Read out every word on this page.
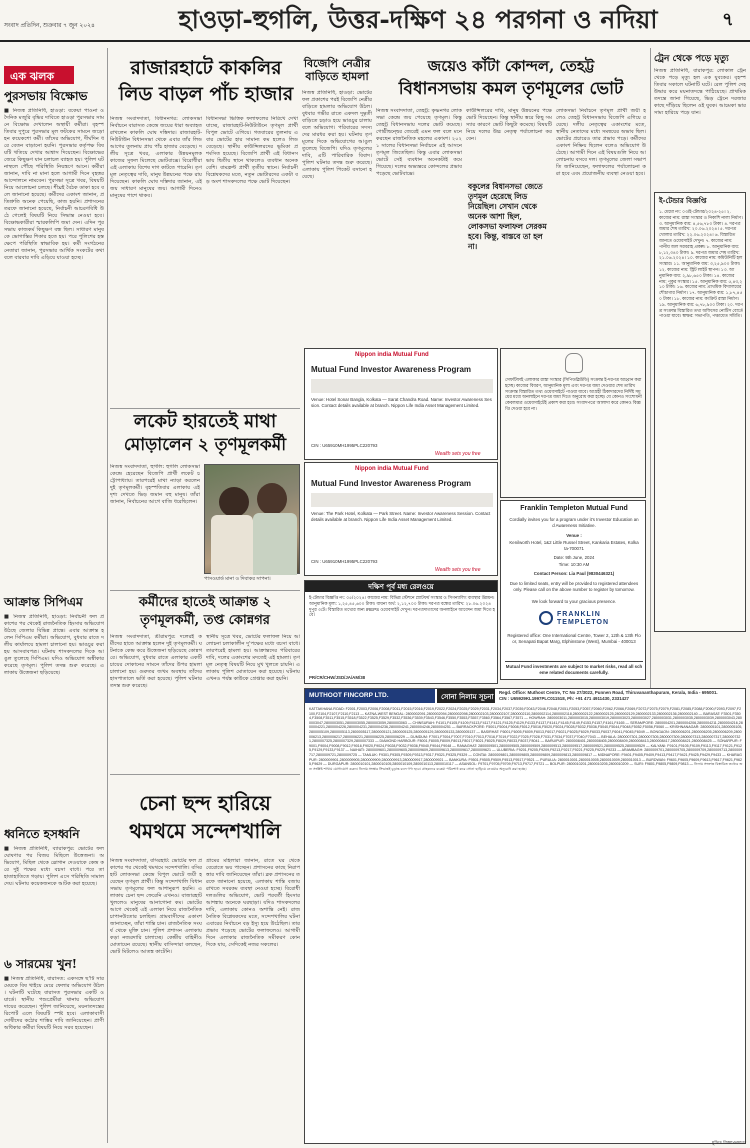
সংবাদ প্রতিদিন, শুক্রবার ৭ জুন ২০২৪	হাওড়া-হুগলি, উত্তর-দক্ষিণ ২৪ পরগনা ও নদিয়া	৭
এক ঝলক
পুরসভায় বিক্ষোভ
■ নিজস্ব প্রতিনিধি, হাওড়া: বকেয়া পাওনা ও দৈনিক মজুরি বৃদ্ধির দাবিতে হাওড়া পুরসভার সামনে বিক্ষোভ দেখালেন অস্থায়ী কর্মীরা। বৃহস্পতিবার দুপুরে পুরসভার মূল ফটকের সামনে জড়ো হন কয়েকশো কর্মী। তাঁদের অভিযোগ, দীর্ঘদিন ধরে বেতন বাড়ানো হয়নি। পুরসভার কর্তৃপক্ষ বিষয়টি খতিয়ে দেখার আশ্বাস দিয়েছেন। বিক্ষোভের জেরে কিছুক্ষণ যান চলাচল ব্যাহত হয়। পুলিশ ঘটনাস্থলে পৌঁছে পরিস্থিতি নিয়ন্ত্রণে আনে। কর্মীরা জানান, দাবি না মানা হলে আগামী দিনে বৃহত্তর আন্দোলনে নামবেন। পুরসভা সূত্রে খবর, বিষয়টি নিয়ে আলোচনা চলছে। শীঘ্রই বৈঠক ডাকা হবে বলে জানানো হয়েছে। কর্মীদের একাংশ জানান, প্রতিশ্রুতি অনেক পেয়েছি, কাজ হয়নি। প্রশাসনের তরফে জানানো হয়েছে, নির্বাচনী আচরণবিধি উঠে গেলেই বিষয়টি নিয়ে সিদ্ধান্ত নেওয়া হবে। বিক্ষোভকারীরা স্মারকলিপি জমা দেন। এদিন পুরসভায় কাজকর্ম কিছুক্ষণ বন্ধ ছিল। সাধারণ মানুষকে ভোগান্তির শিকার হতে হয়। পরে পুলিশের হস্তক্ষেপে পরিস্থিতি স্বাভাবিক হয়। কর্মী সংগঠনের নেতারা জানান, পুরসভার আর্থিক সংকটের কথা বলে বারবার দাবি এড়িয়ে যাওয়া হচ্ছে।
আক্রান্ত সিপিএম
■ নিজস্ব প্রতিনিধি, হাওড়া: নির্বাচনী ফল প্রকাশের পর থেকেই রাজনৈতিক হিংসার অভিযোগ উঠছে জেলার বিভিন্ন প্রান্তে। এবার আক্রান্ত হলেন সিপিএম কর্মীরা। অভিযোগ, বুধবার রাতে দলীয় কার্যালয়ে হামলা চালানো হয়। ভাঙচুর করা হয় আসবাবপত্র। ঘটনায় শাসকদলের দিকে আঙুল তুলেছে সিপিএম। যদিও অভিযোগ অস্বীকার করেছে তৃণমূল। পুলিশ তদন্ত শুরু করেছে। এলাকায় উত্তেজনা ছড়িয়েছে।
ধ্বনিতে হসধ্বনি
■ নিজস্ব প্রতিনিধি, ব্যারাকপুর: ভোটের ফল ঘোষণার পর বিজয় মিছিলে উত্তেজনা। অভিযোগ, মিছিল থেকে স্লোগান দেওয়াকে কেন্দ্র করে দুই পক্ষের মধ্যে বচসা বাধে। পরে তা হাতাহাতিতে গড়ায়। পুলিশ এসে পরিস্থিতি সামাল দেয়। ঘটনায় কয়েকজনকে আটক করা হয়েছে।
৬ সারমেয় খুন!
■ নিজস্ব প্রতিনিধি, বারাসত: একসঙ্গে ছ'টি সারমেয়কে বিষ খাইয়ে মেরে ফেলার অভিযোগ উঠল। ঘটনাটি ঘটেছে বারাসত পুরসভার একটি ওয়ার্ডে। স্থানীয় পশুপ্রেমীরা থানায় অভিযোগ দায়ের করেছেন। পুলিশ জানিয়েছে, ময়নাতদন্তের রিপোর্ট এলে বিষয়টি স্পষ্ট হবে। এলাকাবাসী দোষীদের কঠোর শাস্তির দাবি জানিয়েছেন। প্রাণী অধিকার কর্মীরা বিষয়টি নিয়ে সরব হয়েছেন।
রাজারহাটে কাকলির
লিড বাড়ল পাঁচ হাজার
নিজস্ব সংবাদদাতা, বিধাননগর: লোকসভা নির্বাচনে বারাসত কেন্দ্রে জয়ের ধারা অব্যাহত রাখলেন কাকলি ঘোষ দস্তিদার। রাজারহাট-নিউটাউন বিধানসভা থেকে এবার তাঁর লিড আগের তুলনায় প্রায় পাঁচ হাজার বেড়েছে। দলীয় সূত্রে খবর, এলাকার উন্নয়নমূলক কাজের সুফল মিলেছে ভোটবাক্সে। বিরোধীরা এই এলাকায় বিশেষ দাগ কাটতে পারেনি। তৃণমূল নেতৃত্বের দাবি, মানুষ উন্নয়নের পক্ষে রায় দিয়েছেন। কাকলি ঘোষ দস্তিদার জানান, এই জয় সাধারণ মানুষের জয়। আগামী দিনেও মানুষের পাশে থাকব।
বিধানসভা ভিত্তিক ফলাফলের নিরিখে দেখা যাচ্ছে, রাজারহাট-নিউটাউনে তৃণমূল প্রার্থী বিপুল ভোটে এগিয়ে। গতবারের তুলনায় এবার ভোটের হার সামান্য কম হলেও লিড বেড়েছে। স্থানীয় কাউন্সিলরদের ভূমিকা প্রশংসিত হয়েছে। বিজেপি প্রার্থী এই বিধানসভায় দ্বিতীয় স্থানে থাকলেও ব্যবধান অনেক বেশি। বামফ্রন্ট প্রার্থী তৃতীয় স্থানে। নির্বাচনী বিশ্লেষকদের মতে, নতুন ভোটারদের একটা বড় অংশ শাসকদলের পক্ষে ভোট দিয়েছেন।
বিজেপি নেত্রীর বাড়িতে হামলা
নিজস্ব প্রতিনিধি, হাওড়া: ভোটের ফল প্রকাশের পরই বিজেপি নেত্রীর বাড়িতে হামলার অভিযোগ উঠল। বুধবার গভীর রাতে একদল দুষ্কৃতী বাড়িতে চড়াও হয়ে ভাঙচুর চালায় বলে অভিযোগ। পরিবারের সদস্যদের মারধর করা হয়। ঘটনায় তৃণমূলের দিকে অভিযোগের আঙুল তুলেছে বিজেপি। যদিও তৃণমূলের দাবি, এটি পারিবারিক বিবাদ। পুলিশ ঘটনার তদন্ত শুরু করেছে। এলাকায় পুলিশ পিকেট বসানো হয়েছে।
জয়েও কাঁটা কোন্দল, তেহট্ট
বিধানসভায় কমল তৃণমূলের ভোট
নিজস্ব সংবাদদাতা, তেহট্ট: কৃষ্ণনগর লোকসভা কেন্দ্রে জয় পেয়েছে তৃণমূল। কিন্তু তেহট্ট বিধানসভায় দলের ভোট কমেছে। গোষ্ঠীদ্বন্দ্বের জেরেই এমন ফল বলে মনে করছেন রাজনৈতিক মহলের একাংশ। ২০২১ সালের বিধানসভা নির্বাচনে এই আসনে তৃণমূল জিতেছিল। কিন্তু এবার লোকসভা ভোটে সেই ব্যবধান অনেকটাই কমে গিয়েছে। দলের অভ্যন্তরে কোন্দলের প্রভাব পড়েছে ভোটবাক্সে।
কাউন্সিলরের দাবি, মানুষ উন্নয়নের পক্ষে ভোট দিয়েছেন। কিন্তু স্থানীয় স্তরে কিছু সমস্যার কারণে ভোট কিছুটা কমেছে। বিষয়টি নিয়ে দলের উচ্চ নেতৃত্ব পর্যালোচনা করবেন।
বকুলের বিধানসভা জেতে তৃণমূল হেরেছে লিড নিয়েছিল। সেখান থেকে অনেক আশা ছিল, লোকসভা ফলাফল সেরকম হবে। কিন্তু, বাস্তবে তা হল না।
লোকসভা নির্বাচনে তৃণমূল প্রার্থী জয়ী হলেও তেহট্ট বিধানসভায় বিজেপি এগিয়ে রয়েছে। দলীয় নেতৃত্বের একাংশের মতে, স্থানীয় নেতাদের মধ্যে সমন্বয়ের অভাব ছিল। ভোটের প্রচারেও তার প্রভাব পড়ে। কর্মীদের একাংশ নিষ্ক্রিয় ছিলেন বলেও অভিযোগ উঠেছে। আগামী দিনে এই বিষয়গুলি নিয়ে আলোচনায় বসবে দল। তৃণমূলের জেলা সভাপতি জানিয়েছেন, ফলাফলের পর্যালোচনা করা হবে এবং প্রয়োজনীয় ব্যবস্থা নেওয়া হবে।
ট্রেন থেকে পড়ে মৃত্যু
নিজস্ব প্রতিনিধি, বারাকপুর: লোকাল ট্রেন থেকে পড়ে মৃত্যু হল এক যুবকের। বৃহস্পতিবার সকালে ঘটনাটি ঘটে। রেল পুলিশ দেহ উদ্ধার করে ময়নাতদন্তে পাঠিয়েছে। প্রাথমিক তদন্তে জানা গিয়েছে, ভিড় ট্রেনে দরজার কাছে দাঁড়িয়ে ছিলেন ওই যুবক। আচমকা ভারসাম্য হারিয়ে পড়ে যান।
ই-টেন্ডার বিজ্ঞপ্তি
১. মেমো নং: ০৩/ই-টেন্ডার/২০২৪-২৫। ২. কাজের নাম: রাস্তা সংস্কার ও নিকাশি নালা নির্মাণ। ৩. আনুমানিক ব্যয়: ৪,৫৬,৭৮০ টাকা। ৪. দরপত্র জমার শেষ তারিখ: ২০.০৬.২০২৪। ৫. দরপত্র খোলার তারিখ: ২২.০৬.২০২৪। ৬. বিস্তারিত জানতে ওয়েবসাইট দেখুন। ৭. কাজের নাম: পানীয় জল সরবরাহ প্রকল্প। ৮. আনুমানিক ব্যয়: ৮,১২,৩৪০ টাকা। ৯. দরপত্র জমার শেষ তারিখ: ২১.০৬.২০২৪। ১০. কাজের নাম: কমিউনিটি হল সংস্কার। ১১. আনুমানিক ব্যয়: ৩,২৫,৯০০ টাকা। ১২. কাজের নাম: স্ট্রিট লাইট স্থাপন। ১৩. আনুমানিক ব্যয়: ২,৯৮,৬৫০ টাকা। ১৪. কাজের নাম: পুকুর সংস্কার। ১৫. আনুমানিক ব্যয়: ৫,৪৩,২১০ টাকা। ১৬. কাজের নাম: প্রাথমিক বিদ্যালয়ের শৌচাগার নির্মাণ। ১৭. আনুমানিক ব্যয়: ১,৮৭,৪৫০ টাকা। ১৮. কাজের নাম: কংক্রিট রাস্তা নির্মাণ। ১৯. আনুমানিক ব্যয়: ৬,৭৮,৯০০ টাকা। ২০. দরপত্র সংক্রান্ত বিস্তারিত তথ্য অফিসের নোটিস বোর্ডে পাওয়া যাবে। স্বাক্ষর: সভাপতি, পঞ্চায়েত সমিতি।
লকেট হারতেই মাথা
মোড়ালেন ২ তৃণমূলকর্মী
নিজস্ব সংবাদদাতা, হুগলি: হুগলি লোকসভা কেন্দ্রে হেরেছেন বিজেপি প্রার্থী লকেট চট্টোপাধ্যায়। তারপরেই মাথা ন্যাড়া করলেন দুই তৃণমূলকর্মী। বৃহস্পতিবার এলাকায় এই দৃশ্য দেখতে ভিড় জমান বহু মানুষ। তাঁরা জানান, নির্বাচনের আগে বাজি ধরেছিলেন।
পাসওয়ার্ড মানা ও দিবাকর সাপনা।
Nippon india Mutual Fund
Mutual Fund Investor Awareness Program
Venue: Hotel Sonar Bangla, Kolkata — Sarat Chandra Road. Name: Investor Awareness Session. Contact details available at branch. Nippon Life India Asset Management Limited.
CIN : U65910MH1995PLC220793
Wealth sets you free
Nippon india Mutual Fund
Mutual Fund Investor Awareness Program
Venue: The Park Hotel, Kolkata — Park Street. Name: Investor Awareness Session. Contact details available at branch. Nippon Life India Asset Management Limited.
CIN : U65910MH1995PLC220793
Wealth sets you free
সেফটিফাই এলাকার রাস্তা সংস্কার (সিপিডব্লিউডি) সংক্রান্ত ই-দরপত্র আহ্বান করা হচ্ছে। কাজের বিবরণ, আনুমানিক মূল্য এবং দরপত্র জমা দেওয়ার শেষ তারিখ সংক্রান্ত বিস্তারিত তথ্য ওয়েবসাইটে পাওয়া যাবে। আগ্রহী ঠিকাদারদের নির্দিষ্ট সময়ের মধ্যে অনলাইনে দরপত্র জমা দিতে অনুরোধ করা হচ্ছে। যে কোনও সংশোধনী কেবলমাত্র ওয়েবসাইটেই প্রকাশ করা হবে। সংবাদপত্রে আলাদা করে কোনও বিজ্ঞপ্তি দেওয়া হবে না।
Franklin Templeton Mutual Fund
Cordially invites you for a program under it's Investor Education and Awareness Initiative.
Venue :
Kenilworth Hotel, 1&2 Little Russel Street, Kankaria Estates, Kolkata-700071
Date: 9th June, 2024
Time: 10:30 AM
Contact Person: Lia Paul (9830446321)
Due to limited seats, entry will be provided to registered attendees only. Please call on the above number to register by tomorrow.
We look forward to your gracious presence.
FRANKLIN
TEMPLETON
Registered office: One International Centre, Tower 2, 12th & 13th Floor, Senapati Bapat Marg, Elphinstone (West), Mumbai - 400013
Mutual Fund investments are subject to market risks, read all scheme related documents carefully.
দক্ষিণ পূর্ব মধ্য রেলওয়ে
ই-টেন্ডার বিজ্ঞপ্তি নং: ০৫/২০২৪। কাজের নাম: বিভিন্ন স্টেশনে প্ল্যাটফর্ম সংস্কার ও সিগন্যালিং ব্যবস্থার উন্নয়ন। আনুমানিক মূল্য: ১,২৫,৪৫,৬০০ টাকা। বায়না অর্থ: ২,১২,৭০০ টাকা। দরপত্র বন্ধের তারিখ: ২৮.০৬.২০২৪ দুপুর ৩টে। বিস্তারিত তথ্যের জন্য IREPS ওয়েবসাইট দেখুন। দরপত্রদাতাদের অনলাইনে আবেদন জমা দিতে হবে।
PR/CR/CHW/JSD/JA/AM/38
কর্মীদের হাতেই আক্রান্ত ২
তৃণমূলকর্মী, তপ্ত কোন্নগর
নিজস্ব সংবাদদাতা, শ্রীরামপুর: দলেরই কর্মীদের হাতে আক্রান্ত হলেন দুই তৃণমূলকর্মী। ঘটনাকে কেন্দ্র করে উত্তেজনা ছড়িয়েছে কোন্নগরে। অভিযোগ, বুধবার রাতে এলাকার একটি চায়ের দোকানের সামনে তাঁদের উপর হামলা চালানো হয়। গুরুতর জখম অবস্থায় তাঁদের হাসপাতালে ভর্তি করা হয়েছে। পুলিশ ঘটনার তদন্ত শুরু করেছে।
স্থানীয় সূত্রে খবর, ভোটের ফলাফল নিয়ে আলোচনা চলাকালীন দু'পক্ষের মধ্যে বচসা বাধে। তারপরেই হামলা হয়। আক্রান্তদের পরিবারের দাবি, দলের একাংশের মদতেই এই হামলা। তৃণমূল নেতৃত্ব বিষয়টি নিয়ে মুখ খুলতে চায়নি। এলাকায় পুলিশ মোতায়েন করা হয়েছে। ঘটনায় এখনও পর্যন্ত কাউকে গ্রেপ্তার করা হয়নি।
চেনা ছন্দ হারিয়ে
থমথমে সন্দেশখালি
নিজস্ব সংবাদদাতা, বসিরহাট: ভোটের ফল প্রকাশের পর থেকেই থমথমে সন্দেশখালি। বসিরহাট লোকসভা কেন্দ্রে বিপুল ভোটে জয়ী হয়েছেন তৃণমূল প্রার্থী। কিন্তু সন্দেশখালি বিধানসভায় তৃণমূলের ফল আশানুরূপ হয়নি। এলাকায় চেনা ছন্দ ফেরেনি এখনও। বাজারহাট খুললেও মানুষের আনাগোনা কম। ভোটের আগে থেকেই এই এলাকা নিয়ে রাজনৈতিক চাপানউতোর চলছিল। গ্রামবাসীদের একাংশ জানাচ্ছেন, তাঁরা শান্তি চান। রাজনৈতিক সংঘর্ষ থেকে মুক্তি চান। পুলিশ প্রশাসন এলাকায় কড়া নজরদারি চালাচ্ছে। কেন্দ্রীয় বাহিনীও মোতায়েন রয়েছে। স্থানীয় বাসিন্দারা বলছেন, ভোট মিটলেও আতঙ্ক কাটেনি।
গ্রামের মহিলারা জানান, রাতে ঘর থেকে বেরোতে ভয় পাচ্ছেন। প্রশাসনের কাছে নিরাপত্তার দাবি জানিয়েছেন তাঁরা। ব্লক প্রশাসনের তরফে জানানো হয়েছে, এলাকায় শান্তি বজায় রাখতে সবরকম ব্যবস্থা নেওয়া হচ্ছে। বিরোধী দলগুলির অভিযোগ, ভোট পরবর্তী হিংসার আশঙ্কায় অনেকে ঘরছাড়া। যদিও শাসকদলের দাবি, এলাকায় কোনও অশান্তি নেই। রাজনৈতিক বিশ্লেষকদের মতে, সন্দেশখালির ঘটনা এবারের নির্বাচনে বড় ইস্যু হয়ে উঠেছিল। তার প্রভাব পড়েছে ভোটের ফলাফলেও। আগামী দিনে এলাকার রাজনৈতিক সমীকরণ কোন দিকে যায়, সেদিকেই নজর সকলের।
MUTHOOT FINCORP LTD.	সোনা নিলাম সূচনা Regd. Office: Muthoot Centre, TC No 27/3022, Punnen Road, Thiruvananthapuram, Kerala, India - 695001.
CIN : U65929KL1997PLC011518, Ph: +91 471 4911430, 2331427
KATTAKHANA ROAD: F2001,F2003,F2006,F2008,F2011,F2015,F2016,F2019,F2022,F2024,F2025,F2029,F2031,F2034,F2037,F2039,F2043,F2046,F2048,F2051,F2053,F2057,F2060,F2062,F2066,F2069,F2072,F2075,F2079,F2081,F2085,F2088,F2090,F2093,F2097,F2100,F2104,F2107,F2110,F2113 — KATNA-WEST BENGAL: 2800002091,2800002094,2800002098,2800002103,2800002107,2800002110,2800002114,2800002118,2800002122,2800002125,2800002129,2800002133,2800002136,2800002140 — BARASAT: F3501,F3504,F3508,F3511,F3515,F3518,F3522,F3525,F3529,F3532,F3536,F3539,F3543,F3546,F3550,F3553,F3557,F3560,F3564,F3567,F3571 — HOWRAH: 2800003011,2800003015,2800003019,2800003023,2800003027,2800003031,2800003035,2800003039,2800003043,2800003047,2800003051,2800003055,2800003059,2800003063 — CHINSURAH: F4101,F4105,F4109,F4113,F4117,F4121,F4125,F4129,F4133,F4137,F4141,F4145,F4149,F4153,F4157,F4161,F4165 — SERAMPORE: 2800004201,2800004206,2800004211,2800004216,2800004221,2800004226,2800004231,2800004236,2800004241,2800004246,2800004251 — BARRACKPORE: F5001,F5004,F5008,F5012,F5016,F5020,F5024,F5028,F5032,F5036,F5040,F5044,F5048,F5052,F5056,F5060 — KRISHNANAGAR: 2800005101,2800005105,2800005109,2800005113,2800005117,2800005121,2800005125,2800005129,2800005133,2800005137 — BASIRHAT: F6001,F6005,F6009,F6013,F6017,F6021,F6025,F6029,F6033,F6037,F6041,F6045,F6049 — BONGAON: 2800006201,2800006205,2800006209,2800006213,2800006217,2800006221,2800006225,2800006229 — DUMDUM: F7001,F7004,F7007,F7010,F7013,F7016,F7019,F7022,F7025,F7028,F7031,F7034,F7037,F7040,F7043 — BEHALA: 2800007301,2800007305,2800007309,2800007313,2800007317,2800007321,2800007325,2800007329,2800007333 — DIAMOND HARBOUR: F8001,F8005,F8009,F8013,F8017,F8021,F8025,F8029,F8033,F8037,F8041 — BARUIPUR: 2800008401,2800008405,2800008409,2800008413,2800008417,2800008421,2800008425 — SONARPUR: F9001,F9004,F9008,F9012,F9016,F9020,F9024,F9028,F9032,F9036,F9040,F9044,F9048 — RANAGHAT: 2800009501,2800009505,2800009509,2800009513,2800009517,2800009521,2800009525,2800009529 — KALYANI: F9101,F9105,F9109,F9113,F9117,F9121,F9125,F9129,F9133,F9137 — NAIHATI: 2800009601,2800009605,2800009609,2800009613,2800009617,2800009621 — ULUBERIA: F9201,F9205,F9209,F9213,F9217,F9221,F9225,F9229,F9233 — ARAMBAGH: 2800009701,2800009705,2800009709,2800009713,2800009717,2800009721,2800009725 — TAMLUK: F9301,F9305,F9309,F9313,F9317,F9321,F9325,F9329 — CONTAI: 2800009801,2800009805,2800009809,2800009813,2800009817 — MIDNAPORE: F9401,F9405,F9409,F9413,F9417,F9421,F9425,F9429,F9433 — KHARAGPUR: 2800009901,2800009905,2800009909,2800009913,2800009917,2800009921 — BANKURA: F9501,F9505,F9509,F9513,F9517,F9521 — PURULIA: 2800010001,2800010005,2800010009,2800010013 — BURDWAN: F9601,F9605,F9609,F9613,F9617,F9621,F9625,F9629 — DURGAPUR: 2800010101,2800010105,2800010109,2800010113,2800010117 — ASANSOL: F9701,F9705,F9709,F9713,F9717,F9721 — BOLPUR: 2800010201,2800010205,2800010209 — SURI: F9801,F9805,F9809,F9813 — নিলাম সংক্রান্ত বিস্তারিত তথ্যের জন্য সংশ্লিষ্ট শাখায় যোগাযোগ করুন। নিলাম সংস্থার সিদ্ধান্তই চূড়ান্ত বলে গণ্য হবে। গ্রাহকদের বকেয়া পরিশোধ করে সোনা ছাড়িয়ে নেওয়ার অনুরোধ করা হচ্ছে।
মুদ্রিত বিজ্ঞাপনদাতা
